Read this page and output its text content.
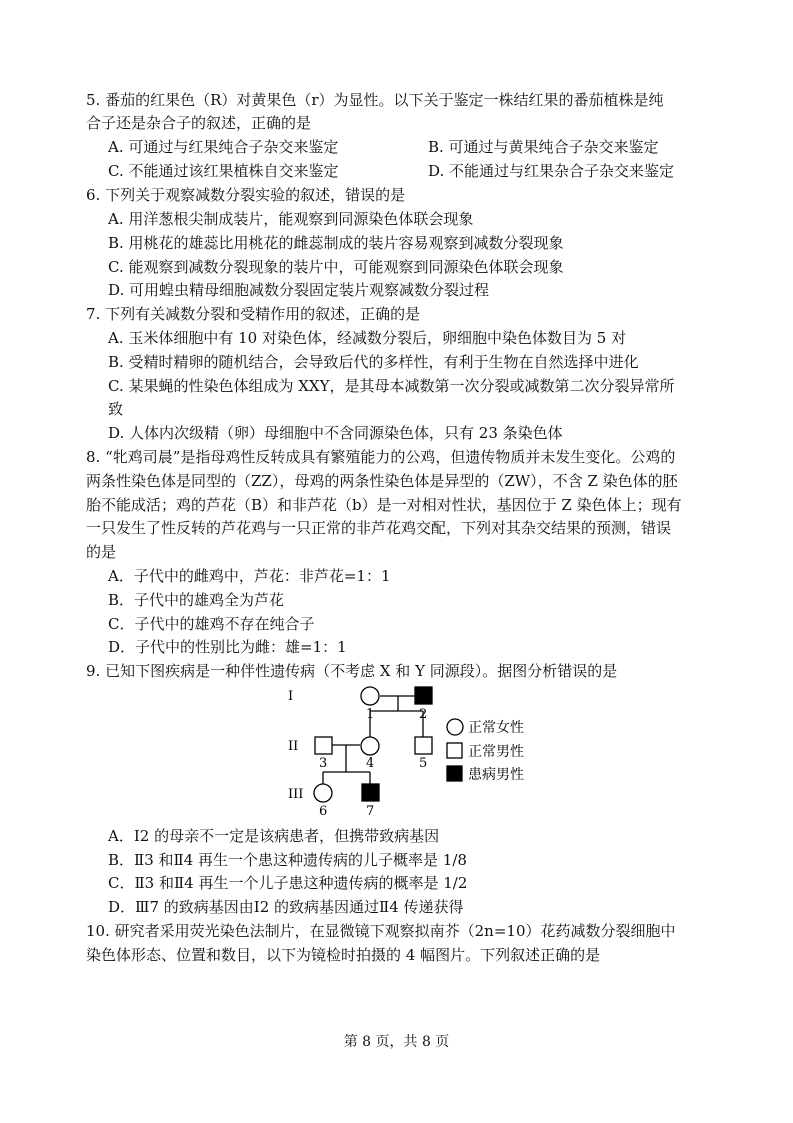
5. 番茄的红果色（R）对黄果色（r）为显性。以下关于鉴定一株结红果的番茄植株是纯
合子还是杂合子的叙述，正确的是
A. 可通过与红果纯合子杂交来鉴定	B. 可通过与黄果纯合子杂交来鉴定
C. 不能通过该红果植株自交来鉴定	D. 不能通过与红果杂合子杂交来鉴定
6. 下列关于观察减数分裂实验的叙述，错误的是
A. 用洋葱根尖制成装片，能观察到同源染色体联会现象
B. 用桃花的雄蕊比用桃花的雌蕊制成的装片容易观察到减数分裂现象
C. 能观察到减数分裂现象的装片中，可能观察到同源染色体联会现象
D. 可用蝗虫精母细胞减数分裂固定装片观察减数分裂过程
7. 下列有关减数分裂和受精作用的叙述，正确的是
A. 玉米体细胞中有 10 对染色体，经减数分裂后，卵细胞中染色体数目为 5 对
B. 受精时精卵的随机结合，会导致后代的多样性，有利于生物在自然选择中进化
C. 某果蝇的性染色体组成为 XXY，是其母本减数第一次分裂或减数第二次分裂异常所
致
D. 人体内次级精（卵）母细胞中不含同源染色体，只有 23 条染色体
8. “牝鸡司晨”是指母鸡性反转成具有繁殖能力的公鸡，但遗传物质并未发生变化。公鸡的
两条性染色体是同型的（ZZ），母鸡的两条性染色体是异型的（ZW），不含 Z 染色体的胚
胎不能成活；鸡的芦花（B）和非芦花（b）是一对相对性状，基因位于 Z 染色体上；现有
一只发生了性反转的芦花鸡与一只正常的非芦花鸡交配，下列对其杂交结果的预测，错误
的是
A．子代中的雌鸡中，芦花：非芦花=1：1
B．子代中的雄鸡全为芦花
C．子代中的雄鸡不存在纯合子
D．子代中的性别比为雌：雄=1：1
9. 已知下图疾病是一种伴性遗传病（不考虑 X 和 Y 同源段）。据图分析错误的是
I
II
III
1	2
3	4	5
6	7
正常女性
正常男性
患病男性
A．Ⅰ2 的母亲不一定是该病患者，但携带致病基因
B．Ⅱ3 和Ⅱ4 再生一个患这种遗传病的儿子概率是 1/8
C．Ⅱ3 和Ⅱ4 再生一个儿子患这种遗传病的概率是 1/2
D．Ⅲ7 的致病基因由Ⅰ2 的致病基因通过Ⅱ4 传递获得
10. 研究者采用荧光染色法制片，在显微镜下观察拟南芥（2n=10）花药减数分裂细胞中
染色体形态、位置和数目，以下为镜检时拍摄的 4 幅图片。下列叙述正确的是
第 8 页，共 8 页
